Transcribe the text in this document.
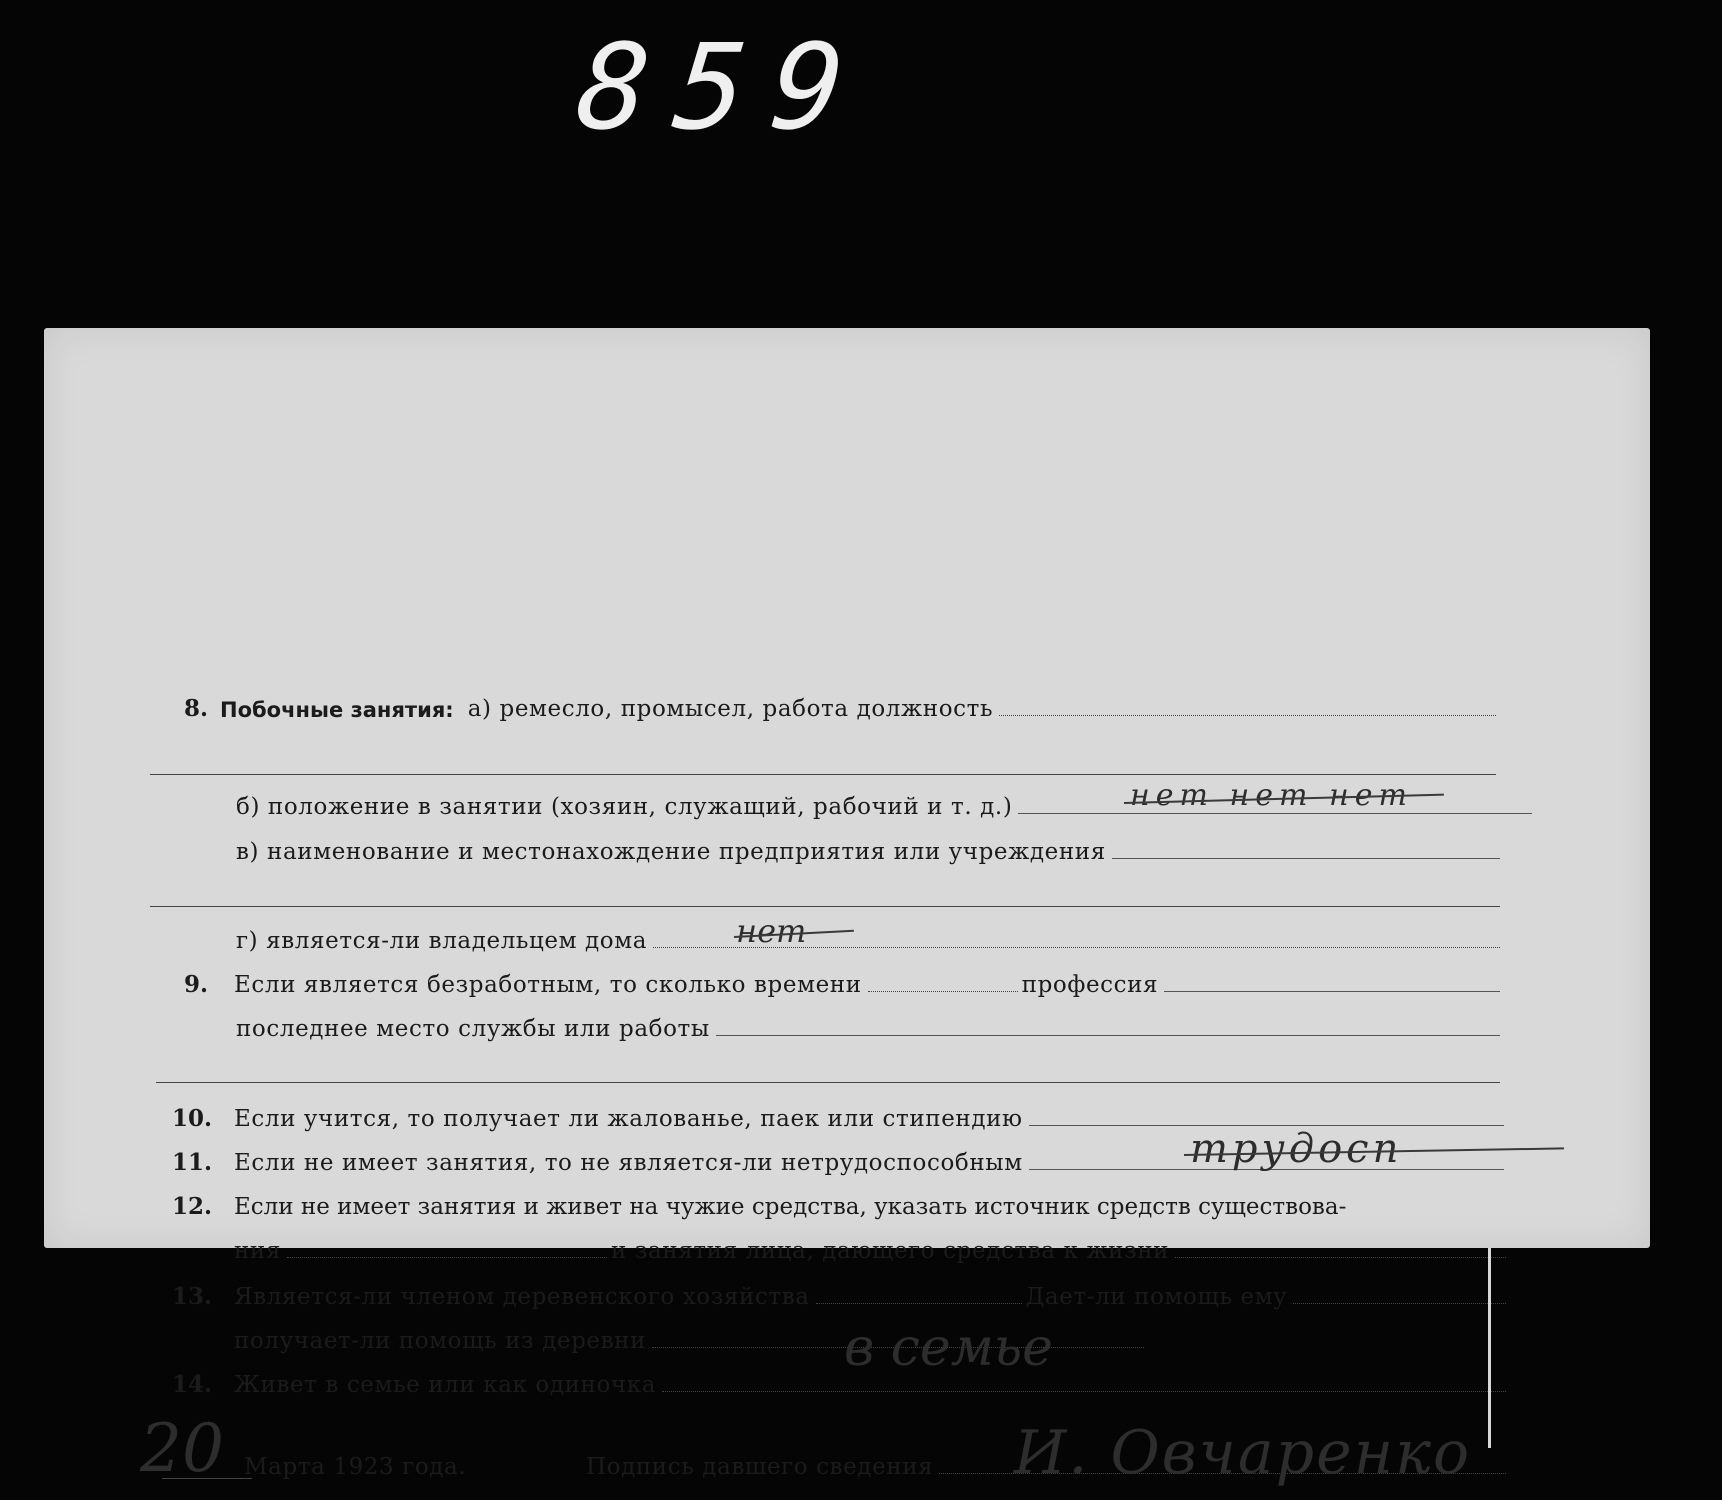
859
8. Побочные занятия: а) ремесло, промысел, работа должность
б) положение в занятии (хозяин, служащий, рабочий и т. д.)	нет нет нет
в) наименование и местонахождение предприятия или учреждения
г) является-ли владельцем дома	нет
9.	Если является безработным, то сколько времени	профессия
последнее место службы или работы
10. Если учится, то получает ли жалованье, паек или стипендию
11. Если не имеет занятия, то не является-ли нетрудоспособным	трудосп
12. Если не имеет занятия и живет на чужие средства, указать источник средств существова-
ния	и занятия лица, дающего средства к жизни
13. Является-ли членом деревенского хозяйства	Дает-ли помощь ему
получает-ли помощь из деревни
14. Живет в семье или как одиночка
в семье
20 Марта 1923 года.	Подпись давшего сведения И. Овчаренко
